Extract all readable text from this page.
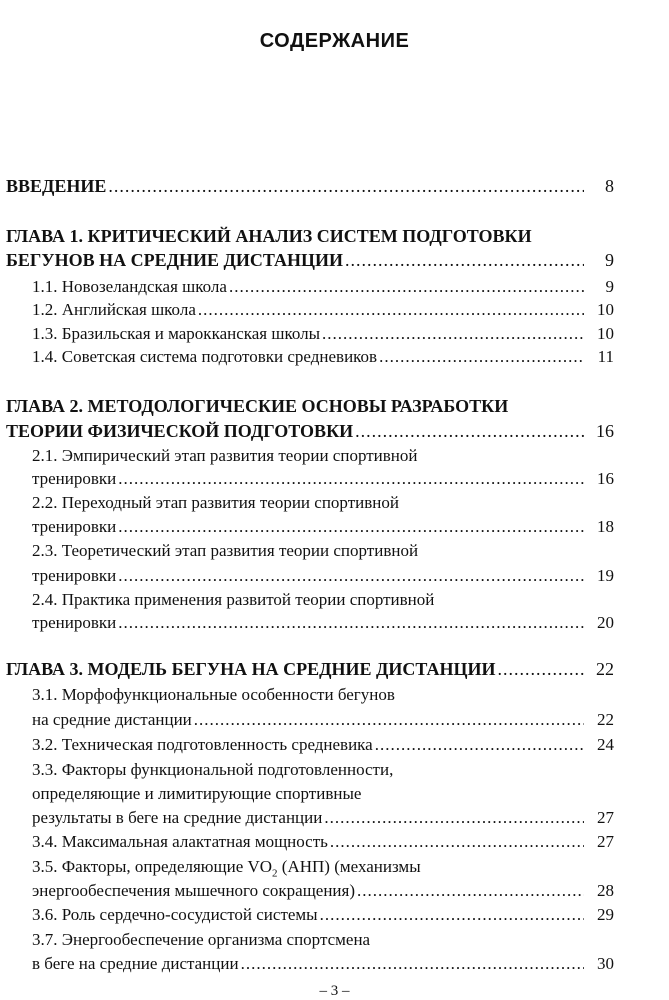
СОДЕРЖАНИЕ
ВВЕДЕНИЕ .....	8
ГЛАВА 1. КРИТИЧЕСКИЙ АНАЛИЗ СИСТЕМ ПОДГОТОВКИ
БЕГУНОВ НА СРЕДНИЕ ДИСТАНЦИИ .....	9
1.1. Новозеландская школа .....	9
1.2. Английская школа .....	10
1.3. Бразильская и марокканская школы .....	10
1.4. Советская система подготовки средневиков .....	11
ГЛАВА 2. МЕТОДОЛОГИЧЕСКИЕ ОСНОВЫ РАЗРАБОТКИ
ТЕОРИИ ФИЗИЧЕСКОЙ ПОДГОТОВКИ .....	16
2.1. Эмпирический этап развития теории спортивной
тренировки .....	16
2.2. Переходный этап развития теории спортивной
тренировки .....	18
2.3. Теоретический этап развития теории спортивной
тренировки .....	19
2.4. Практика применения развитой теории спортивной
тренировки .....	20
ГЛАВА 3. МОДЕЛЬ БЕГУНА НА СРЕДНИЕ ДИСТАНЦИИ .....	22
3.1. Морфофункциональные особенности бегунов
на средние дистанции .....	22
3.2. Техническая подготовленность средневика .....	24
3.3. Факторы функциональной подготовленности,
определяющие и лимитирующие спортивные
результаты в беге на средние дистанции .....	27
3.4. Максимальная алактатная мощность .....	27
3.5. Факторы, определяющие $VO_2$ (АНП) (механизмы
энергообеспечения мышечного сокращения) .....	28
3.6. Роль сердечно-сосудистой системы .....	29
3.7. Энергообеспечение организма спортсмена
в беге на средние дистанции .....	30
– 3 –
